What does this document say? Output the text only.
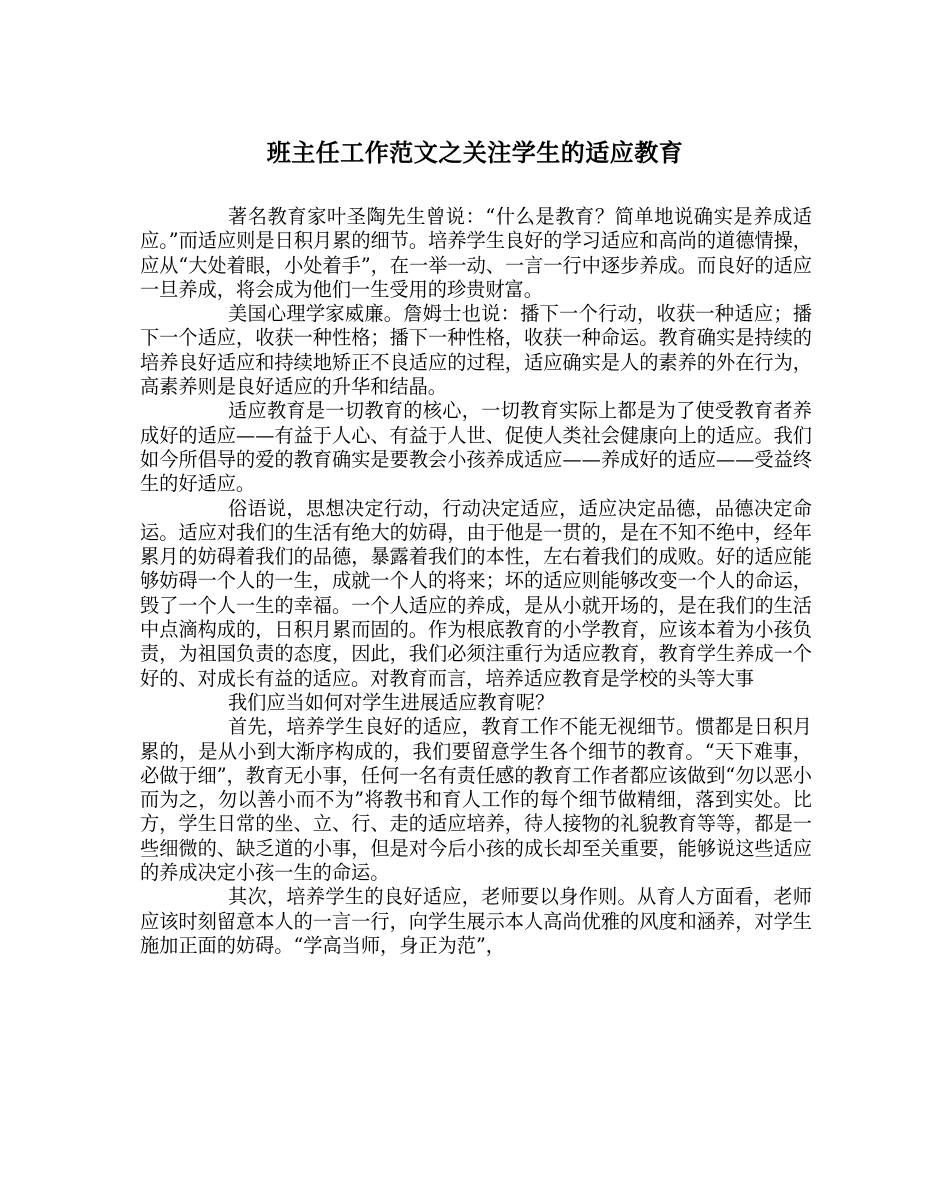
班主任工作范文之关注学生的适应教育

著名教育家叶圣陶先生曾说：“什么是教育？简单地说确实是养成适应。”而适应则是日积月累的细节。培养学生良好的学习适应和高尚的道德情操，应从“大处着眼，小处着手”，在一举一动、一言一行中逐步养成。而良好的适应一旦养成，将会成为他们一生受用的珍贵财富。

美国心理学家威廉。詹姆士也说：播下一个行动，收获一种适应；播下一个适应，收获一种性格；播下一种性格，收获一种命运。教育确实是持续的培养良好适应和持续地矫正不良适应的过程，适应确实是人的素养的外在行为，高素养则是良好适应的升华和结晶。

适应教育是一切教育的核心，一切教育实际上都是为了使受教育者养成好的适应——有益于人心、有益于人世、促使人类社会健康向上的适应。我们如今所倡导的爱的教育确实是要教会小孩养成适应——养成好的适应——受益终生的好适应。

俗语说，思想决定行动，行动决定适应，适应决定品德，品德决定命运。适应对我们的生活有绝大的妨碍，由于他是一贯的，是在不知不绝中，经年累月的妨碍着我们的品德，暴露着我们的本性，左右着我们的成败。好的适应能够妨碍一个人的一生，成就一个人的将来；坏的适应则能够改变一个人的命运，毁了一个人一生的幸福。一个人适应的养成，是从小就开场的，是在我们的生活中点滴构成的，日积月累而固的。作为根底教育的小学教育，应该本着为小孩负责，为祖国负责的态度，因此，我们必须注重行为适应教育，教育学生养成一个好的、对成长有益的适应。对教育而言，培养适应教育是学校的头等大事

我们应当如何对学生进展适应教育呢？

首先，培养学生良好的适应，教育工作不能无视细节。惯都是日积月累的，是从小到大渐序构成的，我们要留意学生各个细节的教育。“天下难事，必做于细”，教育无小事，任何一名有责任感的教育工作者都应该做到“勿以恶小而为之，勿以善小而不为”将教书和育人工作的每个细节做精细，落到实处。比方，学生日常的坐、立、行、走的适应培养，待人接物的礼貌教育等等，都是一些细微的、缺乏道的小事，但是对今后小孩的成长却至关重要，能够说这些适应的养成决定小孩一生的命运。

其次，培养学生的良好适应，老师要以身作则。从育人方面看，老师应该时刻留意本人的一言一行，向学生展示本人高尚优雅的风度和涵养，对学生施加正面的妨碍。“学高当师，身正为范”，
